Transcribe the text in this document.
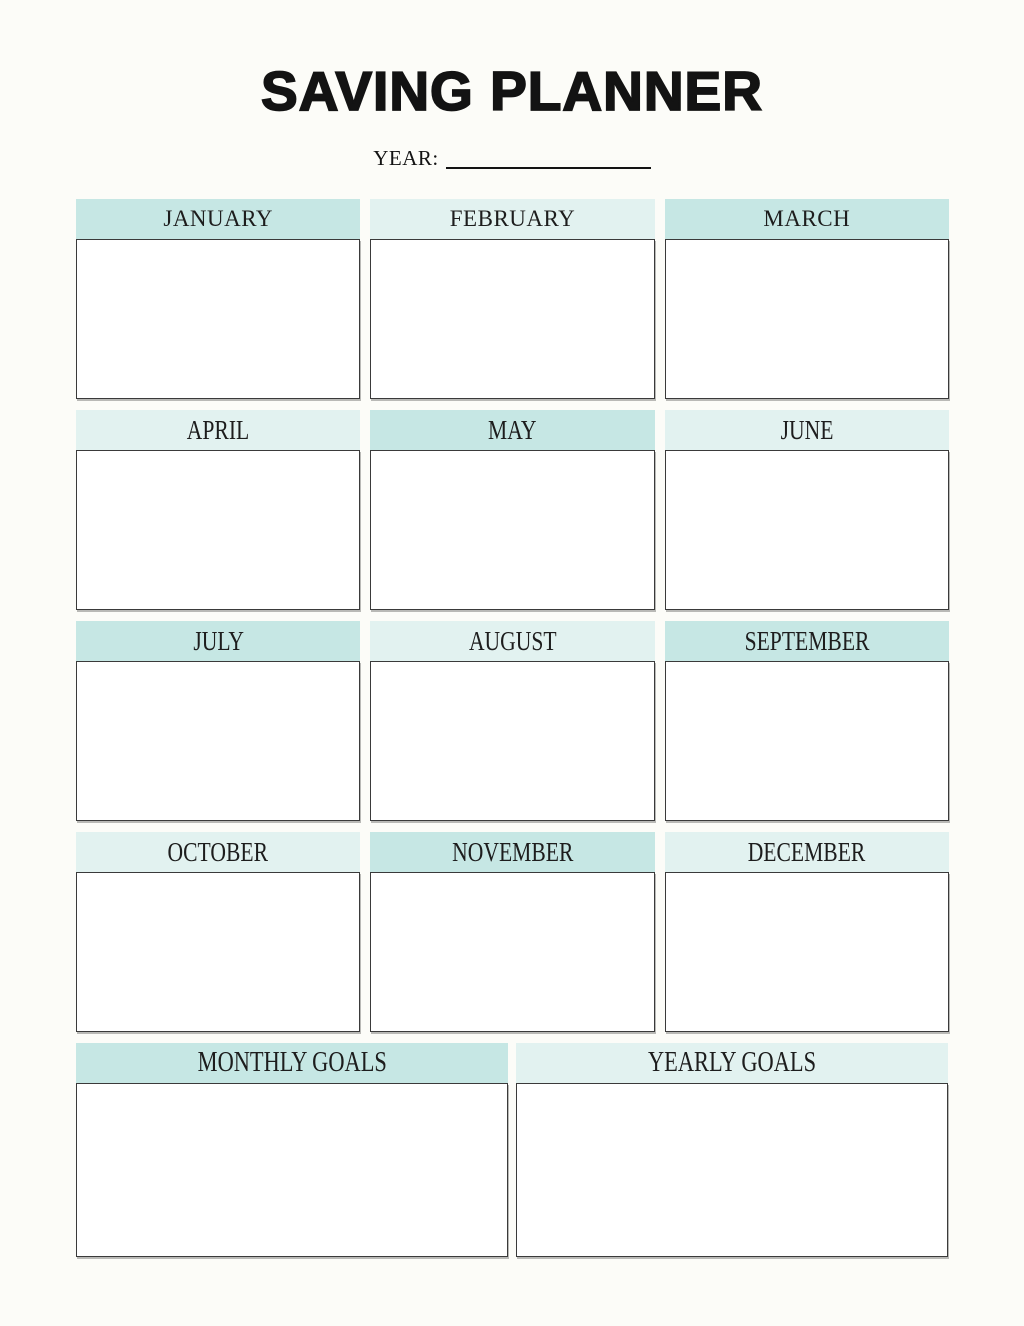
SAVING PLANNER
YEAR:
JANUARY	FEBRUARY	MARCH
APRIL	MAY	JUNE
JULY	AUGUST	SEPTEMBER
OCTOBER	NOVEMBER	DECEMBER
MONTHLY GOALS	YEARLY GOALS
